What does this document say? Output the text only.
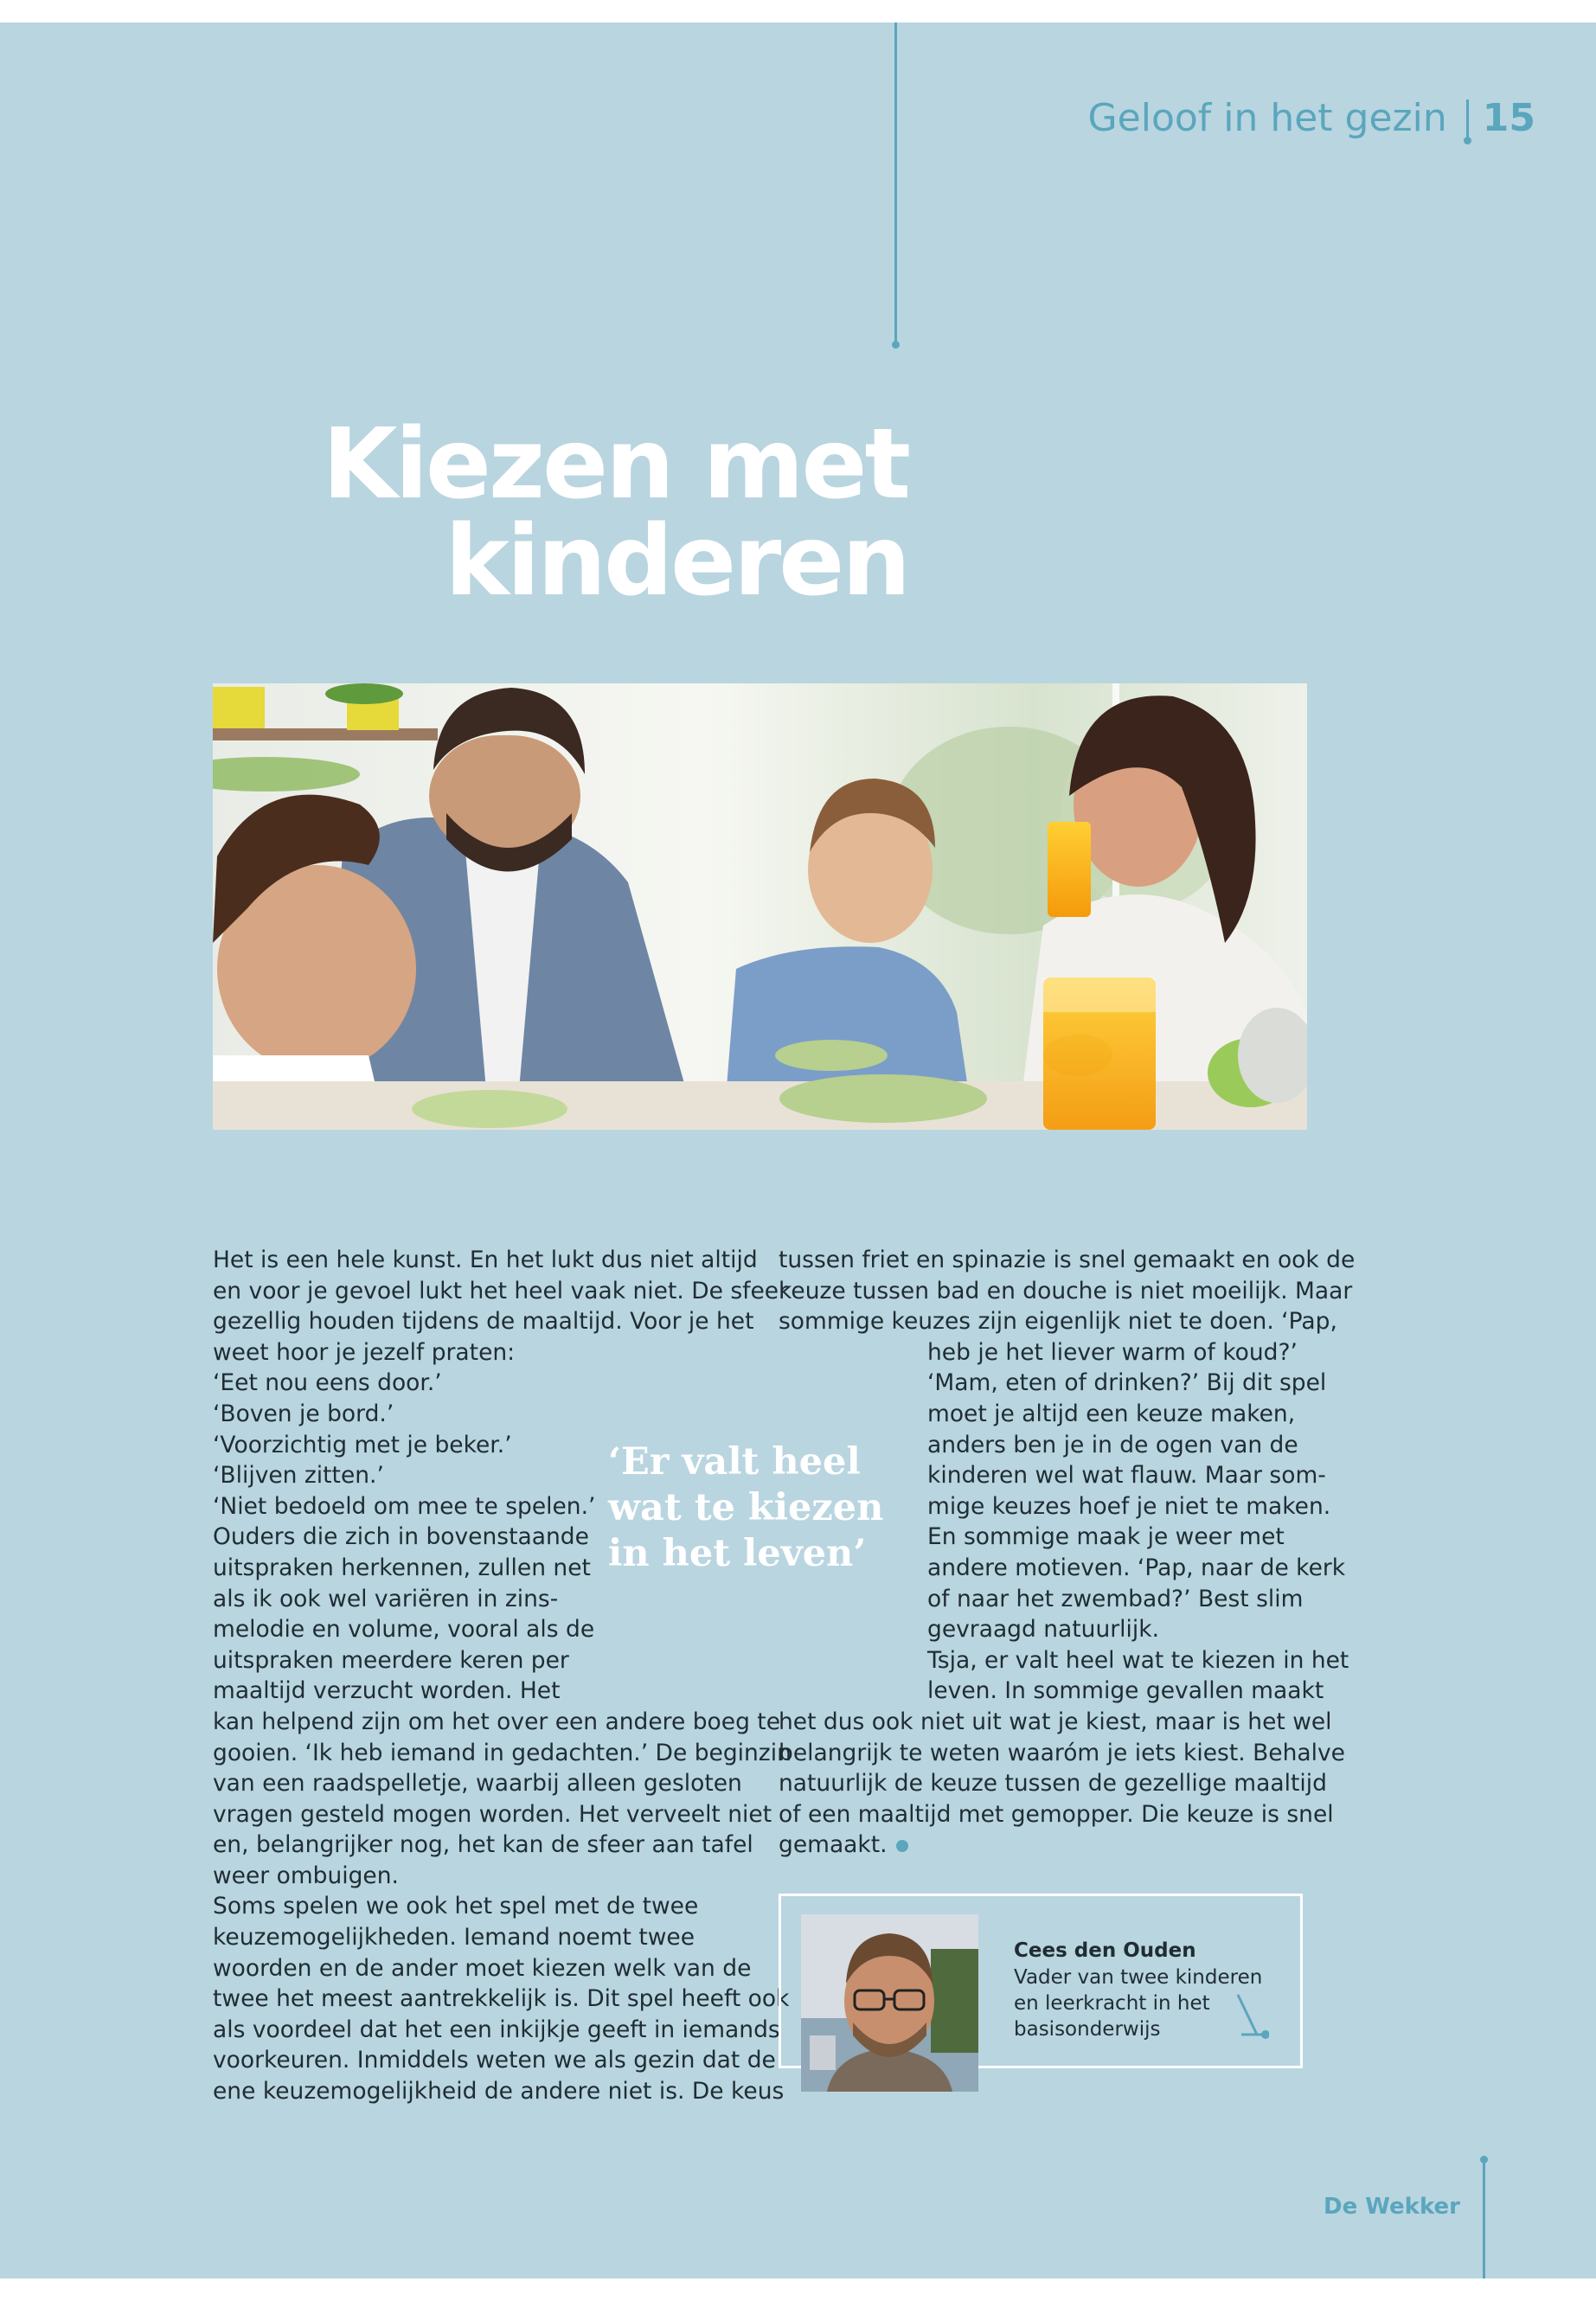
Geloof in het gezin 15
Kiezen met
kinderen
Het is een hele kunst. En het lukt dus niet altijd
en voor je gevoel lukt het heel vaak niet. De sfeer
gezellig houden tijdens de maaltijd. Voor je het
weet hoor je jezelf praten:
‘Eet nou eens door.’
‘Boven je bord.’
‘Voorzichtig met je beker.’
‘Blijven zitten.’
‘Niet bedoeld om mee te spelen.’
Ouders die zich in bovenstaande
uitspraken herkennen, zullen net
als ik ook wel variëren in zins-
melodie en volume, vooral als de
uitspraken meerdere keren per
maaltijd verzucht worden. Het
kan helpend zijn om het over een andere boeg te
gooien. ‘Ik heb iemand in gedachten.’ De beginzin
van een raadspelletje, waarbij alleen gesloten
vragen gesteld mogen worden. Het verveelt niet
en, belangrijker nog, het kan de sfeer aan tafel
weer ombuigen.
Soms spelen we ook het spel met de twee
keuzemogelijkheden. Iemand noemt twee
woorden en de ander moet kiezen welk van de
twee het meest aantrekkelijk is. Dit spel heeft ook
als voordeel dat het een inkijkje geeft in iemands
voorkeuren. Inmiddels weten we als gezin dat de
ene keuzemogelijkheid de andere niet is. De keus
‘Er valt heel
wat te kiezen
in het leven’
tussen friet en spinazie is snel gemaakt en ook de
keuze tussen bad en douche is niet moeilijk. Maar
sommige keuzes zijn eigenlijk niet te doen. ‘Pap,
heb je het liever warm of koud?’
‘Mam, eten of drinken?’ Bij dit spel
moet je altijd een keuze maken,
anders ben je in de ogen van de
kinderen wel wat flauw. Maar som-
mige keuzes hoef je niet te maken.
En sommige maak je weer met
andere motieven. ‘Pap, naar de kerk
of naar het zwembad?’ Best slim
gevraagd natuurlijk.
Tsja, er valt heel wat te kiezen in het
leven. In sommige gevallen maakt
het dus ook niet uit wat je kiest, maar is het wel
belangrijk te weten waaróm je iets kiest. Behalve
natuurlijk de keuze tussen de gezellige maaltijd
of een maaltijd met gemopper. Die keuze is snel
gemaakt.
Cees den Ouden
Vader van twee kinderen
en leerkracht in het
basisonderwijs
De Wekker
